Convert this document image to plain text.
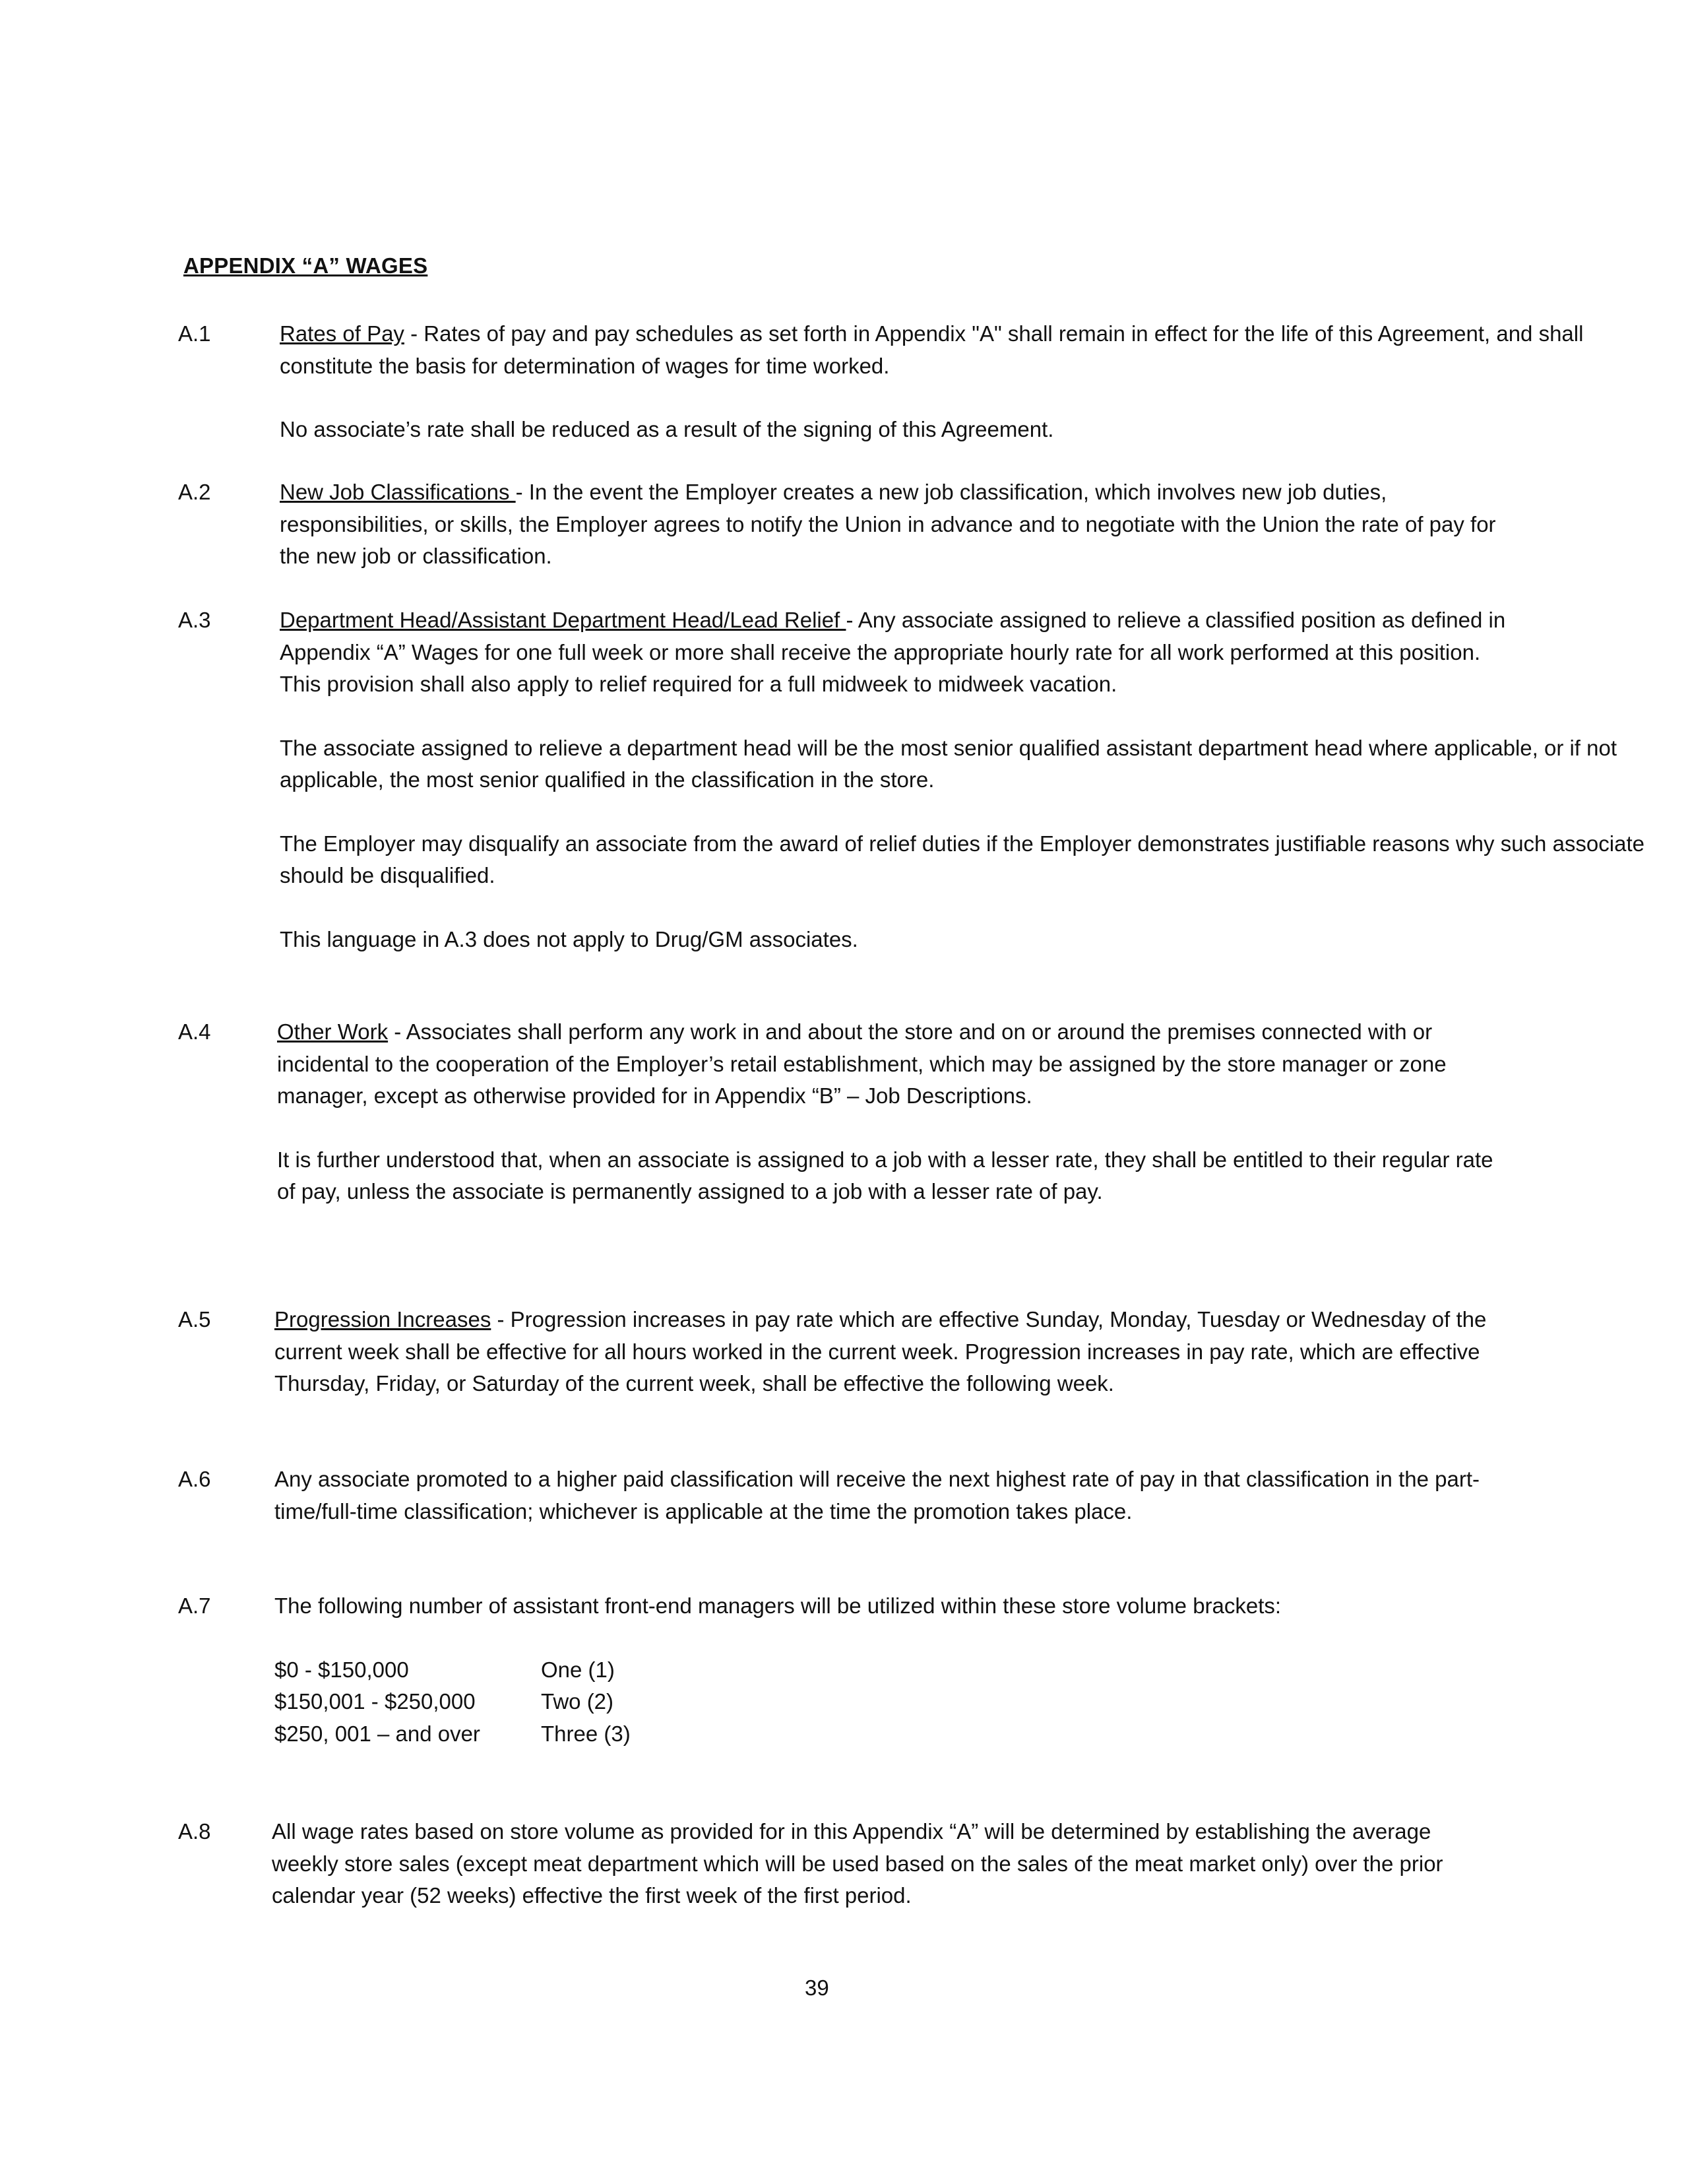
APPENDIX “A” WAGES
A.1	Rates of Pay - Rates of pay and pay schedules as set forth in Appendix "A" shall remain in effect for the life of this Agreement, and shall constitute the basis for determination of wages for time worked.

No associate’s rate shall be reduced as a result of the signing of this Agreement.

A.2	New Job Classifications - In the event the Employer creates a new job classification, which involves new job duties, responsibilities, or skills, the Employer agrees to notify the Union in advance and to negotiate with the Union the rate of pay for the new job or classification.

A.3	Department Head/Assistant Department Head/Lead Relief - Any associate assigned to relieve a classified position as defined in Appendix “A” Wages for one full week or more shall receive the appropriate hourly rate for all work performed at this position. This provision shall also apply to relief required for a full midweek to midweek vacation.

The associate assigned to relieve a department head will be the most senior qualified assistant department head where applicable, or if not applicable, the most senior qualified in the classification in the store.

The Employer may disqualify an associate from the award of relief duties if the Employer demonstrates justifiable reasons why such associate should be disqualified.

This language in A.3 does not apply to Drug/GM associates.

A.4	Other Work - Associates shall perform any work in and about the store and on or around the premises connected with or incidental to the cooperation of the Employer’s retail establishment, which may be assigned by the store manager or zone manager, except as otherwise provided for in Appendix “B” – Job Descriptions.

It is further understood that, when an associate is assigned to a job with a lesser rate, they shall be entitled to their regular rate of pay, unless the associate is permanently assigned to a job with a lesser rate of pay.

A.5	Progression Increases - Progression increases in pay rate which are effective Sunday, Monday, Tuesday or Wednesday of the current week shall be effective for all hours worked in the current week. Progression increases in pay rate, which are effective Thursday, Friday, or Saturday of the current week, shall be effective the following week.

A.6	Any associate promoted to a higher paid classification will receive the next highest rate of pay in that classification in the part-time/full-time classification; whichever is applicable at the time the promotion takes place.

A.7	The following number of assistant front-end managers will be utilized within these store volume brackets:

$0 - $150,000	One (1)
$150,001 - $250,000	Two (2)
$250, 001 – and over	Three (3)
A.8	All wage rates based on store volume as provided for in this Appendix “A” will be determined by establishing the average weekly store sales (except meat department which will be used based on the sales of the meat market only) over the prior calendar year (52 weeks) effective the first week of the first period.

39
